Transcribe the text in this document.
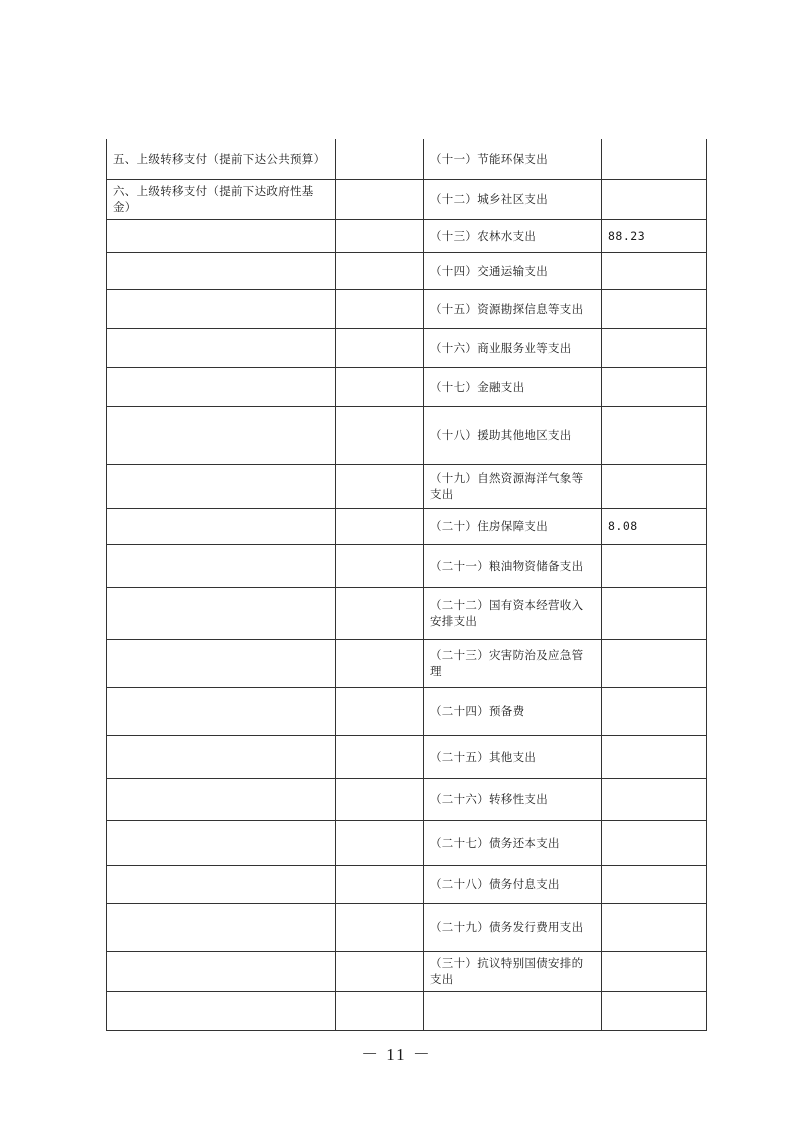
五、上级转移支付（提前下达公共预算）		（十一）节能环保支出	
六、上级转移支付（提前下达政府性基金）		（十二）城乡社区支出	
		（十三）农林水支出	88.23
		（十四）交通运输支出	
		（十五）资源勘探信息等支出	
		（十六）商业服务业等支出	
		（十七）金融支出	
		（十八）援助其他地区支出	
		（十九）自然资源海洋气象等支出	
		（二十）住房保障支出	8.08
		（二十一）粮油物资储备支出	
		（二十二）国有资本经营收入安排支出	
		（二十三）灾害防治及应急管理	
		（二十四）预备费	
		（二十五）其他支出	
		（二十六）转移性支出	
		（二十七）债务还本支出	
		（二十八）债务付息支出	
		（二十九）债务发行费用支出	
		（三十）抗议特别国债安排的支出	

－ 11 －
